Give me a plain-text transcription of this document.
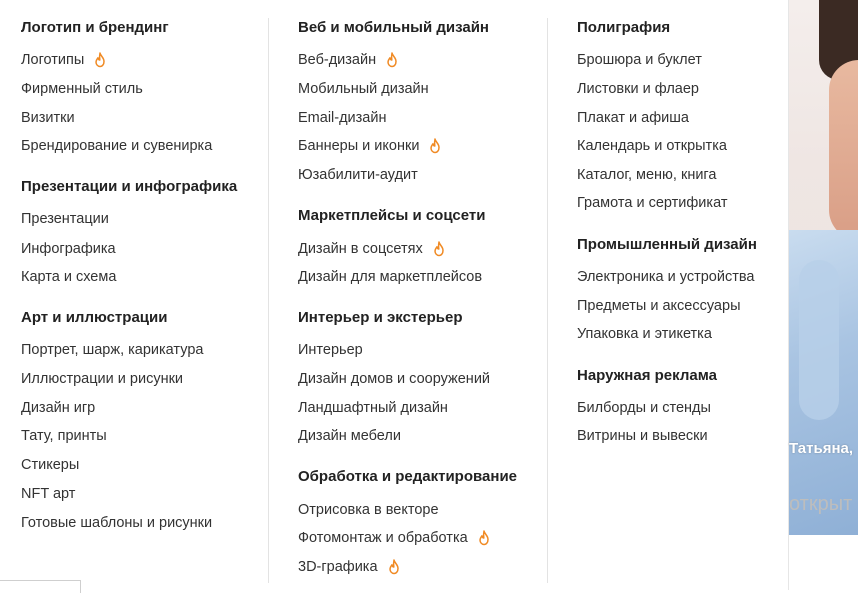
Логотип и брендинг
Логотипы
Фирменный стиль
Визитки
Брендирование и сувенирка
Презентации и инфографика
Презентации
Инфографика
Карта и схема
Арт и иллюстрации
Портрет, шарж, карикатура
Иллюстрации и рисунки
Дизайн игр
Тату, принты
Стикеры
NFT арт
Готовые шаблоны и рисунки
Веб и мобильный дизайн
Веб-дизайн
Мобильный дизайн
Email-дизайн
Баннеры и иконки
Юзабилити-аудит
Маркетплейсы и соцсети
Дизайн в соцсетях
Дизайн для маркетплейсов
Интерьер и экстерьер
Интерьер
Дизайн домов и сооружений
Ландшафтный дизайн
Дизайн мебели
Обработка и редактирование
Отрисовка в векторе
Фотомонтаж и обработка
3D-графика
Полиграфия
Брошюра и буклет
Листовки и флаер
Плакат и афиша
Календарь и открытка
Каталог, меню, книга
Грамота и сертификат
Промышленный дизайн
Электроника и устройства
Предметы и аксессуары
Упаковка и этикетка
Наружная реклама
Билборды и стенды
Витрины и вывески
Татьяна,
открыт
